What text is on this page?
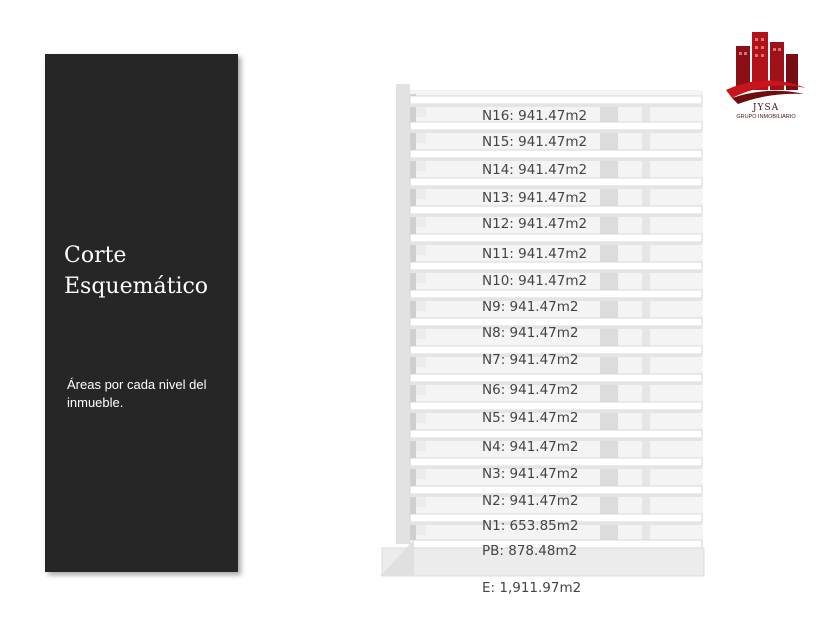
Corte
Esquemático

Áreas por cada nivel del inmueble.

JYSA
GRUPO INMOBILIARIO
N16: 941.47m2
N15: 941.47m2
N14: 941.47m2
N13: 941.47m2
N12: 941.47m2
N11: 941.47m2
N10: 941.47m2
N9: 941.47m2
N8: 941.47m2
N7: 941.47m2
N6: 941.47m2
N5: 941.47m2
N4: 941.47m2
N3: 941.47m2
N2: 941.47m2
N1: 653.85m2
PB: 878.48m2
E: 1,911.97m2
